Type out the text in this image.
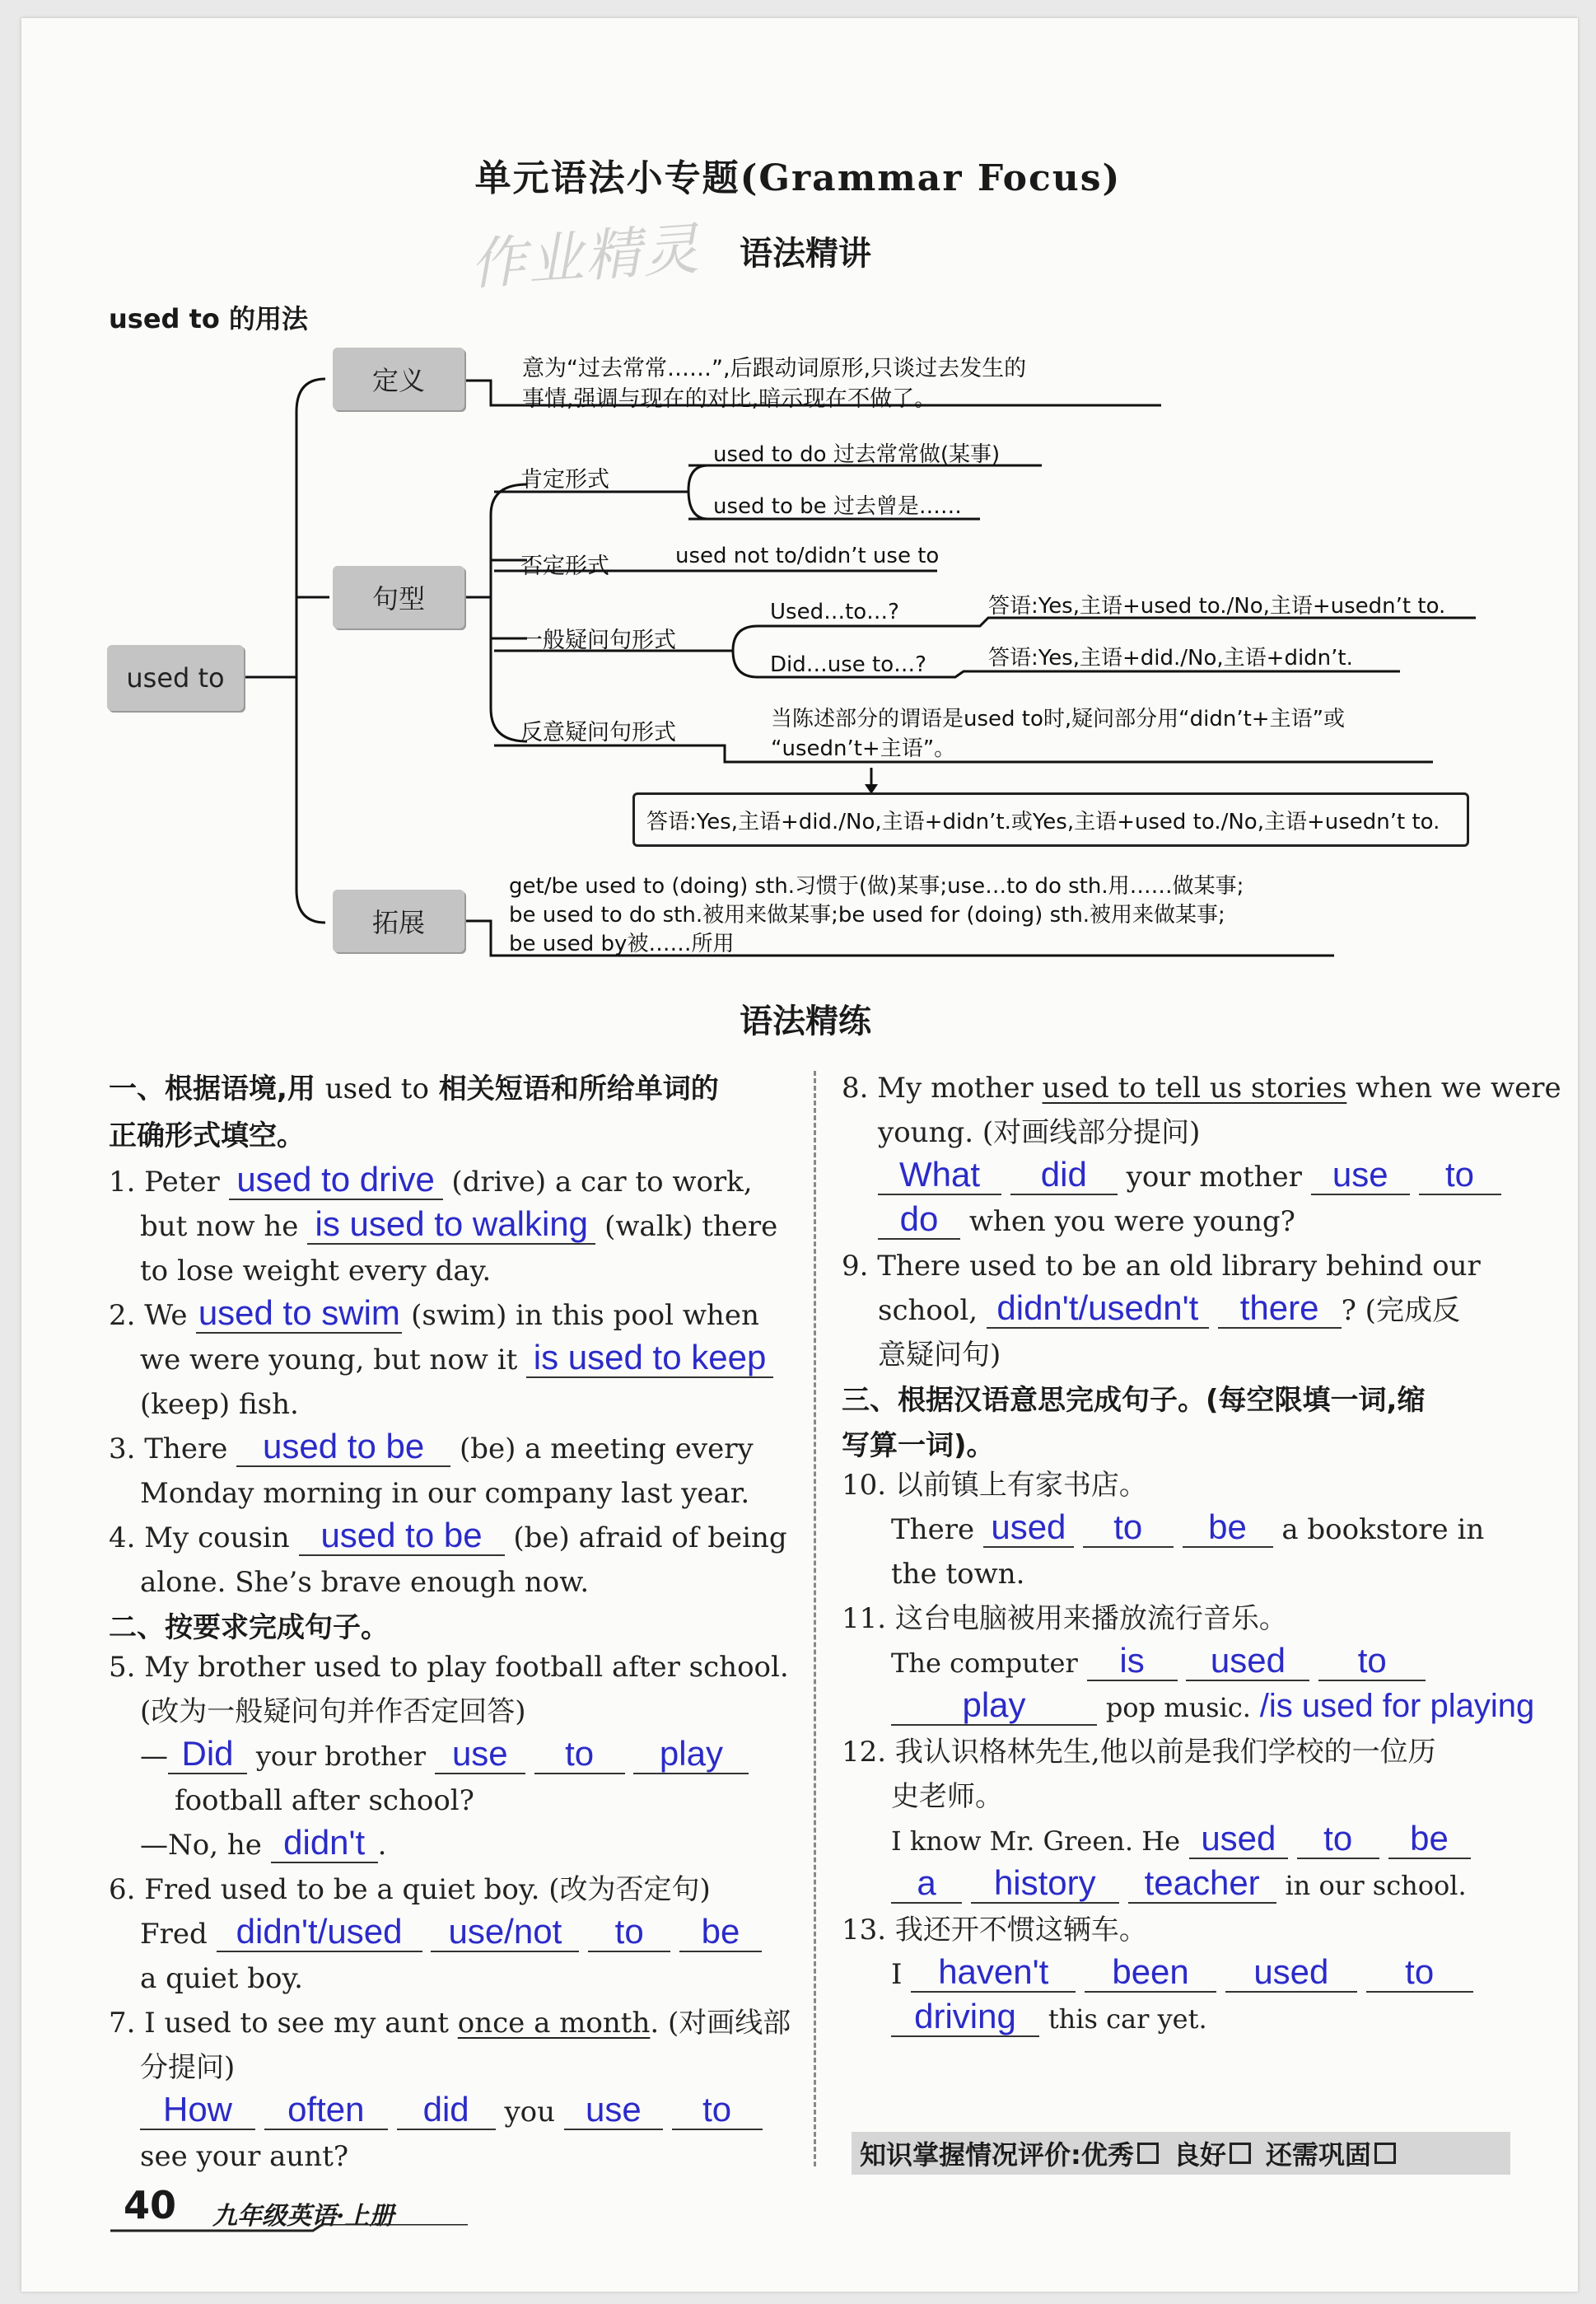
单元语法小专题(Grammar Focus)
作业精灵 语法精讲
used to 的用法
used to
定义
句型
拓展
意为“过去常常……”,后跟动词原形,只谈过去发生的
事情,强调与现在的对比,暗示现在不做了。
肯定形式
used to do 过去常常做(某事)
used to be 过去曾是……
否定形式	used not to/didn’t use to
一般疑问句形式
Used…to…?	答语:Yes,主语+used to./No,主语+usedn’t to.
Did…use to…?	答语:Yes,主语+did./No,主语+didn’t.
反意疑问句形式
当陈述部分的谓语是used to时,疑问部分用“didn’t+主语”或
“usedn’t+主语”。
答语:Yes,主语+did./No,主语+didn’t.或Yes,主语+used to./No,主语+usedn’t to.
get/be used to (doing) sth.习惯于(做)某事;use…to do sth.用……做某事;
be used to do sth.被用来做某事;be used for (doing) sth.被用来做某事;
be used by被……所用
语法精练
一、根据语境,用 used to 相关短语和所给单词的
正确形式填空。
1. Peter used to drive (drive) a car to work,
but now he is used to walking (walk) there
to lose weight every day.
2. We used to swim (swim) in this pool when
we were young, but now it is used to keep
(keep) fish.
3. There used to be (be) a meeting every
Monday morning in our company last year.
4. My cousin used to be (be) afraid of being
alone. She’s brave enough now.
二、按要求完成句子。
5. My brother used to play football after school.
(改为一般疑问句并作否定回答)
— Did your brother use to play
football after school?
—No, he didn't .
6. Fred used to be a quiet boy. (改为否定句)
Fred didn't/used use/not to be
a quiet boy.
7. I used to see my aunt once a month. (对画线部
分提问)
How often did you use to
see your aunt?
8. My mother used to tell us stories when we were
young. (对画线部分提问)
What did your mother use to
do when you were young?
9. There used to be an old library behind our
school, didn't/usedn't there ? (完成反
意疑问句)
三、根据汉语意思完成句子。(每空限填一词,缩
写算一词)。
10. 以前镇上有家书店。
There used to be a bookstore in
the town.
11. 这台电脑被用来播放流行音乐。
The computer is used to
play	pop music. /is used for playing
12. 我认识格林先生,他以前是我们学校的一位历
史老师。
I know Mr. Green. He used to be
a history teacher in our school.
13. 我还开不惯这辆车。
I haven't been used to
driving this car yet.
知识掌握情况评价: 优秀 良好 还需巩固
40 九年级英语·上册
